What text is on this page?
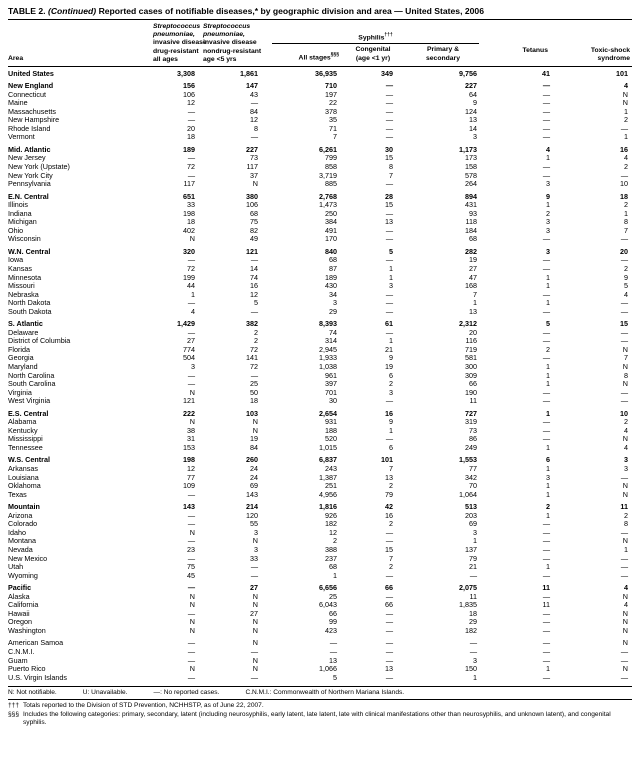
TABLE 2. (Continued) Reported cases of notifiable diseases,* by geographic division and area — United States, 2006
Area
Streptococcus
pneumoniae,
invasive disease
drug-resistant
all ages
Streptococcus
pneumoniae,
invasive disease
nondrug-resistant
age <5 yrs
Syphilis†††
All stages§§§
Congenital
(age <1 yr)
Primary &
secondary
Tetanus	Toxic-shock
syndrome
United States	3,308	1,861	36,935	349	9,756	41	101
New England	156	147	710	—	227	—	4
Connecticut	106	43	197	—	64	—	N
Maine	12	—	22	—	9	—	N
Massachusetts	—	84	378	—	124	—	1
New Hampshire	—	12	35	—	13	—	2
Rhode Island	20	8	71	—	14	—	—
Vermont	18	—	7	—	3	—	1
Mid. Atlantic	189	227	6,261	30	1,173	4	16
New Jersey	—	73	799	15	173	1	4
New York (Upstate)	72	117	858	8	158	—	2
New York City	—	37	3,719	7	578	—	—
Pennsylvania	117	N	885	—	264	3	10
E.N. Central	651	380	2,768	28	894	9	18
Illinois	33	106	1,473	15	431	1	2
Indiana	198	68	250	—	93	2	1
Michigan	18	75	384	13	118	3	8
Ohio	402	82	491	—	184	3	7
Wisconsin	N	49	170	—	68	—	—
W.N. Central	320	121	840	5	282	3	20
Iowa	—	—	68	—	19	—	—
Kansas	72	14	87	1	27	—	2
Minnesota	199	74	189	1	47	1	9
Missouri	44	16	430	3	168	1	5
Nebraska	1	12	34	—	7	—	4
North Dakota	—	5	3	—	1	1	—
South Dakota	4	—	29	—	13	—	—
S. Atlantic	1,429	382	8,393	61	2,312	5	15
Delaware	—	2	74	—	20	—	—
District of Columbia	27	2	314	1	116	—	—
Florida	774	72	2,945	21	719	2	N
Georgia	504	141	1,933	9	581	—	7
Maryland	3	72	1,038	19	300	1	N
North Carolina	—	—	961	6	309	1	8
South Carolina	—	25	397	2	66	1	N
Virginia	N	50	701	3	190	—	—
West Virginia	121	18	30	—	11	—	—
E.S. Central	222	103	2,654	16	727	1	10
Alabama	N	N	931	9	319	—	2
Kentucky	38	N	188	1	73	—	4
Mississippi	31	19	520	—	86	—	N
Tennessee	153	84	1,015	6	249	1	4
W.S. Central	198	260	6,837	101	1,553	6	3
Arkansas	12	24	243	7	77	1	3
Louisiana	77	24	1,387	13	342	3	—
Oklahoma	109	69	251	2	70	1	N
Texas	—	143	4,956	79	1,064	1	N
Mountain	143	214	1,816	42	513	2	11
Arizona	—	120	926	16	203	1	2
Colorado	—	55	182	2	69	—	8
Idaho	N	3	12	—	3	—	—
Montana	—	N	2	—	1	—	N
Nevada	23	3	388	15	137	—	1
New Mexico	—	33	237	7	79	—	—
Utah	75	—	68	2	21	1	—
Wyoming	45	—	1	—	—	—	—
Pacific	—	27	6,656	66	2,075	11	4
Alaska	N	N	25	—	11	—	N
California	N	N	6,043	66	1,835	11	4
Hawaii	—	27	66	—	18	—	N
Oregon	N	N	99	—	29	—	N
Washington	N	N	423	—	182	—	N
American Samoa	—	N	—	—	—	—	N
C.N.M.I.	—	—	—	—	—	—	—
Guam	—	N	13	—	3	—	—
Puerto Rico	N	N	1,066	13	150	1	N
U.S. Virgin Islands	—	—	5	—	1	—	—
N: Not notifiable.	U: Unavailable.	—: No reported cases.	C.N.M.I.: Commonwealth of Northern Mariana Islands.
††† Totals reported to the Division of STD Prevention, NCHHSTP, as of June 22, 2007.
§§§ Includes the following categories: primary, secondary, latent (including neurosyphilis, early latent, late latent, late with clinical manifestations other than neurosyphilis, and unknown latent), and congenital syphilis.
